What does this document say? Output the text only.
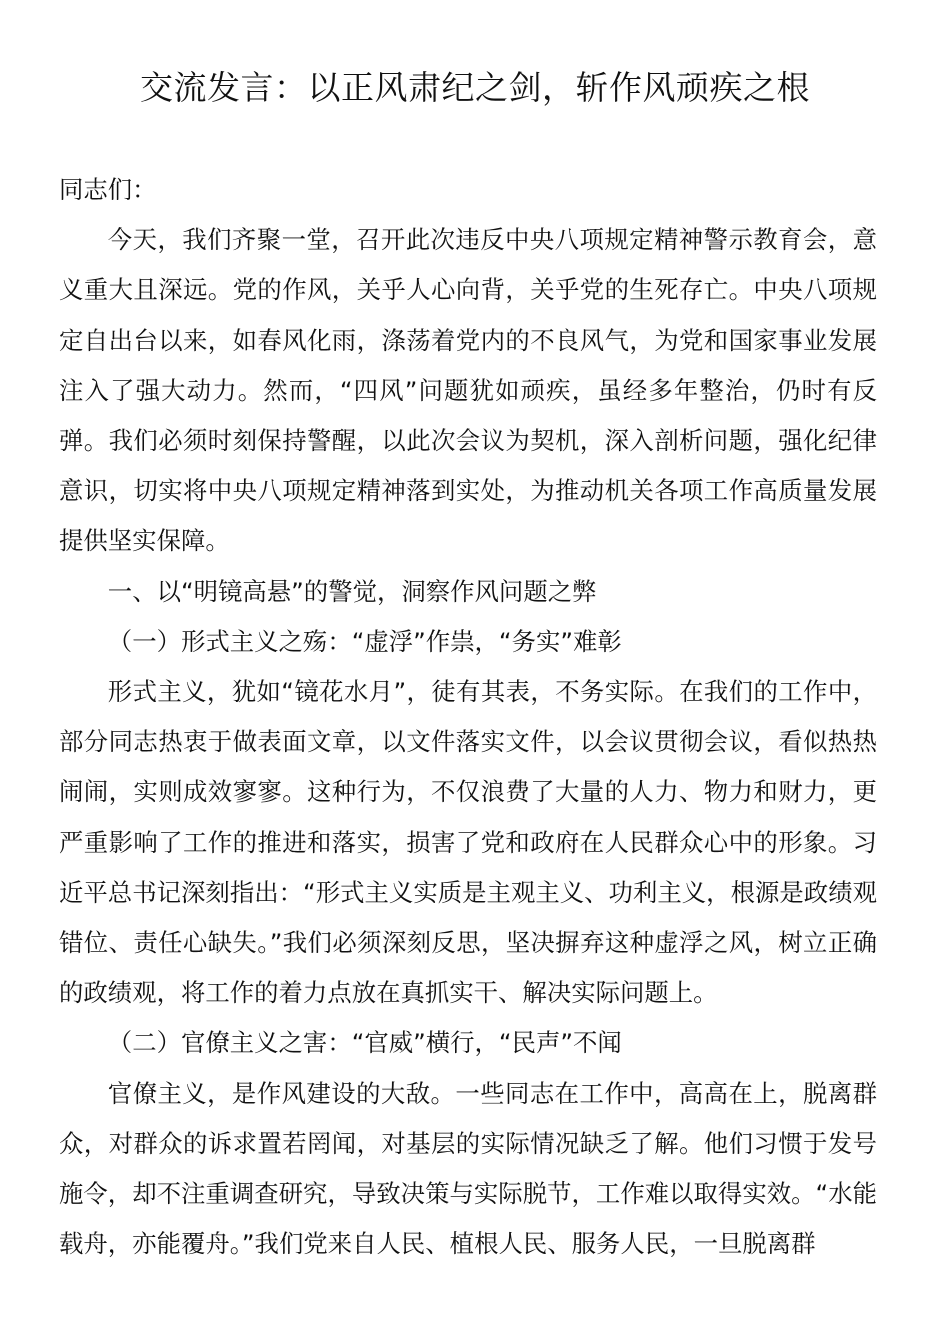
交流发言：以正风肃纪之剑，斩作风顽疾之根

同志们：

今天，我们齐聚一堂，召开此次违反中央八项规定精神警示教育会，意义重大且深远。党的作风，关乎人心向背，关乎党的生死存亡。中央八项规定自出台以来，如春风化雨，涤荡着党内的不良风气，为党和国家事业发展注入了强大动力。然而，“四风”问题犹如顽疾，虽经多年整治，仍时有反弹。我们必须时刻保持警醒，以此次会议为契机，深入剖析问题，强化纪律意识，切实将中央八项规定精神落到实处，为推动机关各项工作高质量发展提供坚实保障。

一、以“明镜高悬”的警觉，洞察作风问题之弊

（一）形式主义之殇：“虚浮”作祟，“务实”难彰

形式主义，犹如“镜花水月”，徒有其表，不务实际。在我们的工作中，部分同志热衷于做表面文章，以文件落实文件，以会议贯彻会议，看似热热闹闹，实则成效寥寥。这种行为，不仅浪费了大量的人力、物力和财力，更严重影响了工作的推进和落实，损害了党和政府在人民群众心中的形象。习近平总书记深刻指出：“形式主义实质是主观主义、功利主义，根源是政绩观错位、责任心缺失。”我们必须深刻反思，坚决摒弃这种虚浮之风，树立正确的政绩观，将工作的着力点放在真抓实干、解决实际问题上。

（二）官僚主义之害：“官威”横行，“民声”不闻

官僚主义，是作风建设的大敌。一些同志在工作中，高高在上，脱离群众，对群众的诉求置若罔闻，对基层的实际情况缺乏了解。他们习惯于发号施令，却不注重调查研究，导致决策与实际脱节，工作难以取得实效。“水能载舟，亦能覆舟。”我们党来自人民、植根人民、服务人民，一旦脱离群
